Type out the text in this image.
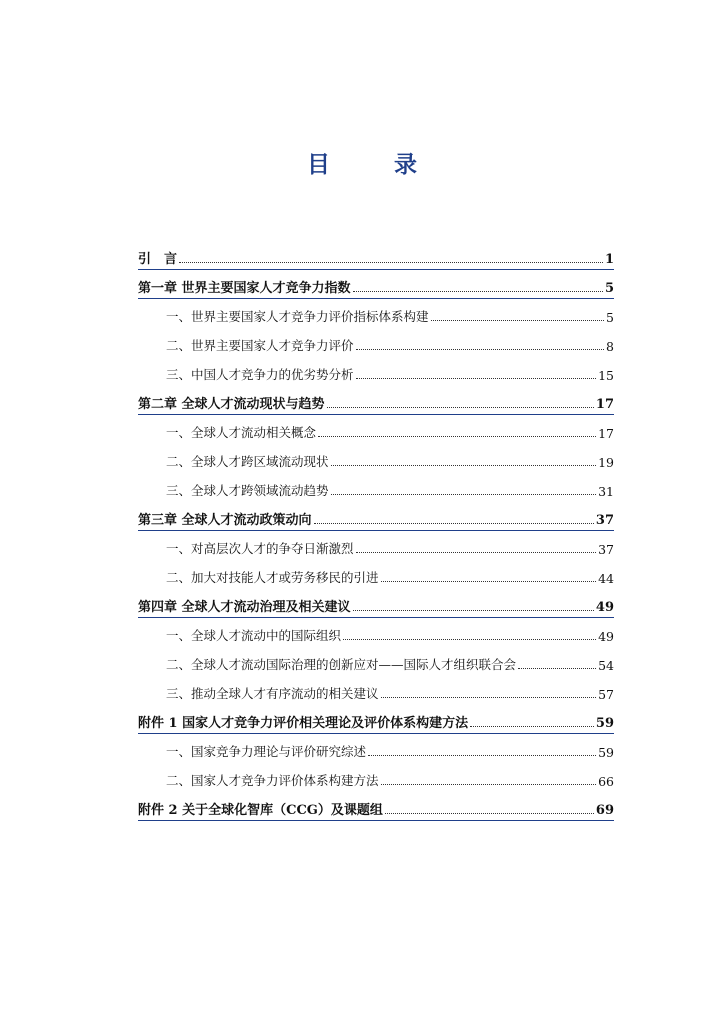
目 录
引　言	1
第一章 世界主要国家人才竞争力指数	5
一、世界主要国家人才竞争力评价指标体系构建	5
二、世界主要国家人才竞争力评价	8
三、中国人才竞争力的优劣势分析	15
第二章 全球人才流动现状与趋势	17
一、全球人才流动相关概念	17
二、全球人才跨区域流动现状	19
三、全球人才跨领域流动趋势	31
第三章 全球人才流动政策动向	37
一、对高层次人才的争夺日渐激烈	37
二、加大对技能人才或劳务移民的引进	44
第四章 全球人才流动治理及相关建议	49
一、全球人才流动中的国际组织	49
二、全球人才流动国际治理的创新应对——国际人才组织联合会	54
三、推动全球人才有序流动的相关建议	57
附件 1 国家人才竞争力评价相关理论及评价体系构建方法	59
一、国家竞争力理论与评价研究综述	59
二、国家人才竞争力评价体系构建方法	66
附件 2 关于全球化智库（CCG）及课题组	69
